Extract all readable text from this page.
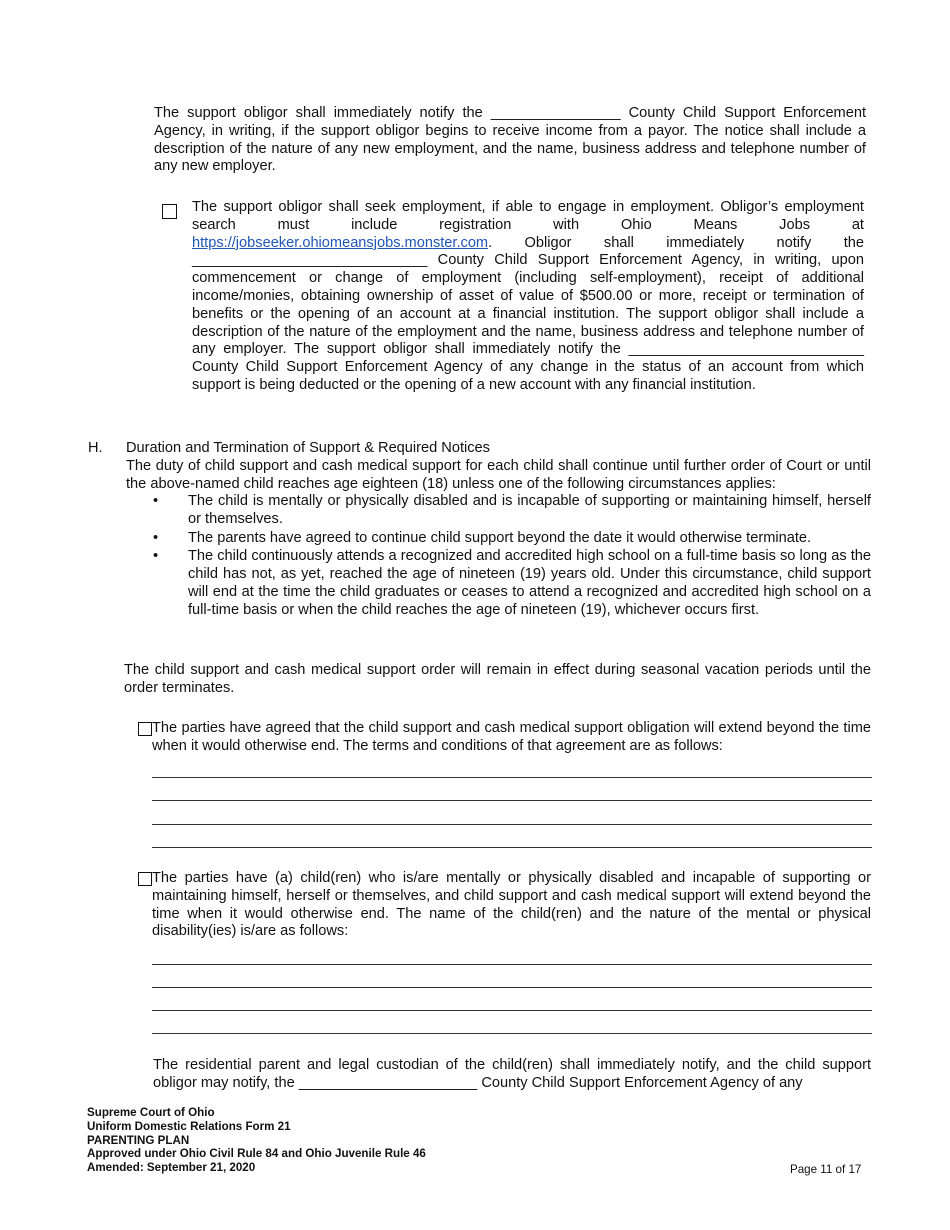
The support obligor shall immediately notify the ________________ County Child Support Enforcement Agency, in writing, if the support obligor begins to receive income from a payor. The notice shall include a description of the nature of any new employment, and the name, business address and telephone number of any new employer.

The support obligor shall seek employment, if able to engage in employment. Obligor’s employment search must include registration with Ohio Means Jobs at https://jobseeker.ohiomeansjobs.monster.com. Obligor shall immediately notify the _____________________________ County Child Support Enforcement Agency, in writing, upon commencement or change of employment (including self-employment), receipt of additional income/monies, obtaining ownership of asset of value of $500.00 or more, receipt or termination of benefits or the opening of an account at a financial institution. The support obligor shall include a description of the nature of the employment and the name, business address and telephone number of any employer. The support obligor shall immediately notify the _____________________________ County Child Support Enforcement Agency of any change in the status of an account from which support is being deducted or the opening of a new account with any financial institution.

H. Duration and Termination of Support & Required Notices

The duty of child support and cash medical support for each child shall continue until further order of Court or until the above-named child reaches age eighteen (18) unless one of the following circumstances applies:

• The child is mentally or physically disabled and is incapable of supporting or maintaining himself, herself or themselves.
• The parents have agreed to continue child support beyond the date it would otherwise terminate.
• The child continuously attends a recognized and accredited high school on a full-time basis so long as the child has not, as yet, reached the age of nineteen (19) years old. Under this circumstance, child support will end at the time the child graduates or ceases to attend a recognized and accredited high school on a full-time basis or when the child reaches the age of nineteen (19), whichever occurs first.

The child support and cash medical support order will remain in effect during seasonal vacation periods until the order terminates.

The parties have agreed that the child support and cash medical support obligation will extend beyond the time when it would otherwise end. The terms and conditions of that agreement are as follows:

The parties have (a) child(ren) who is/are mentally or physically disabled and incapable of supporting or maintaining himself, herself or themselves, and child support and cash medical support will extend beyond the time when it would otherwise end. The name of the child(ren) and the nature of the mental or physical disability(ies) is/are as follows:

The residential parent and legal custodian of the child(ren) shall immediately notify, and the child support obligor may notify, the ______________________ County Child Support Enforcement Agency of any

Supreme Court of Ohio
Uniform Domestic Relations Form 21
PARENTING PLAN
Approved under Ohio Civil Rule 84 and Ohio Juvenile Rule 46
Amended: September 21, 2020	Page 11 of 17
